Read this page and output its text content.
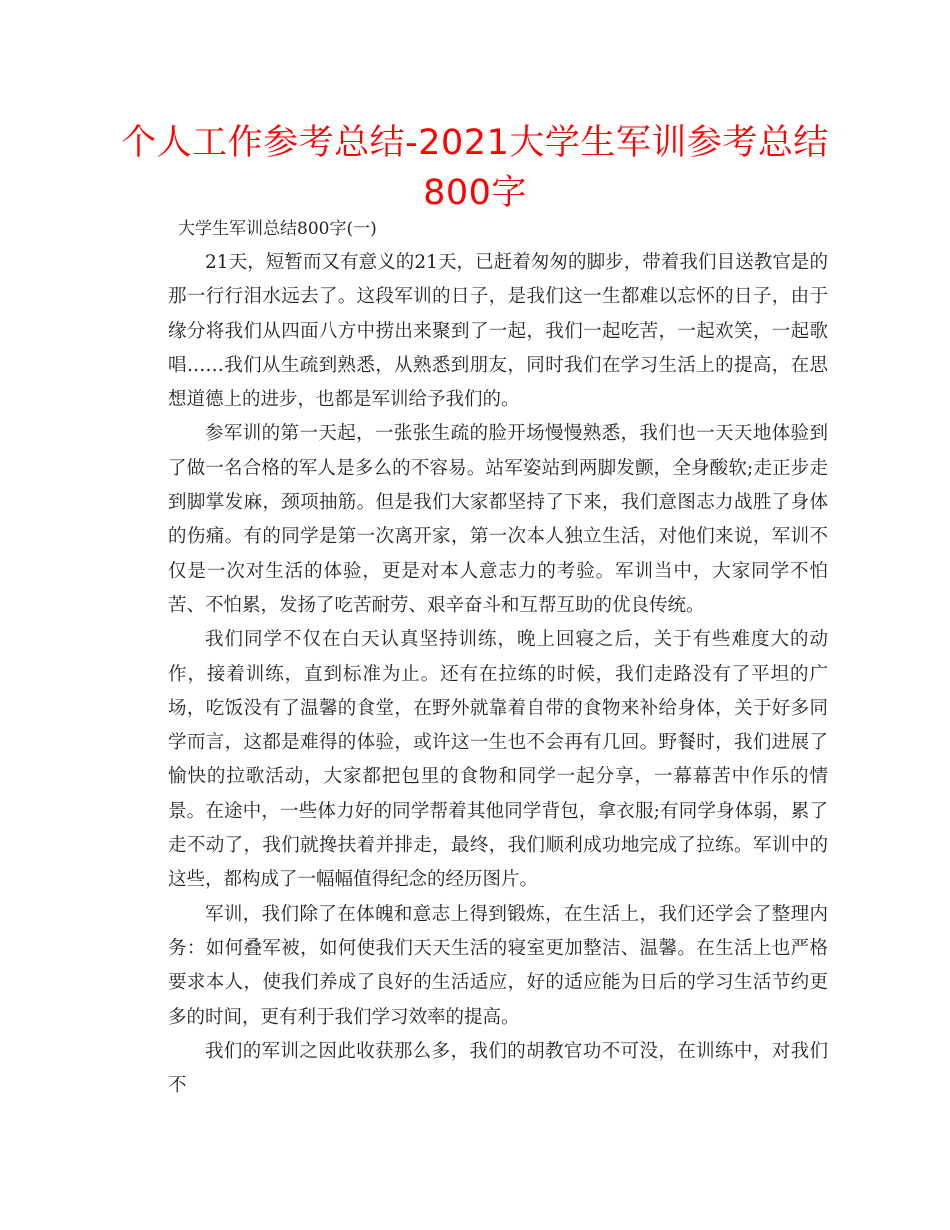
个人工作参考总结-2021大学生军训参考总结
800字

大学生军训总结800字(一)

21天，短暂而又有意义的21天，已赶着匆匆的脚步，带着我们目送教官是的那一行行泪水远去了。这段军训的日子，是我们这一生都难以忘怀的日子，由于缘分将我们从四面八方中捞出来聚到了一起，我们一起吃苦，一起欢笑，一起歌唱……我们从生疏到熟悉，从熟悉到朋友，同时我们在学习生活上的提高，在思想道德上的进步，也都是军训给予我们的。

参军训的第一天起，一张张生疏的脸开场慢慢熟悉，我们也一天天地体验到了做一名合格的军人是多么的不容易。站军姿站到两脚发颤，全身酸软;走正步走到脚掌发麻，颈项抽筋。但是我们大家都坚持了下来，我们意图志力战胜了身体的伤痛。有的同学是第一次离开家，第一次本人独立生活，对他们来说，军训不仅是一次对生活的体验，更是对本人意志力的考验。军训当中，大家同学不怕苦、不怕累，发扬了吃苦耐劳、艰辛奋斗和互帮互助的优良传统。

我们同学不仅在白天认真坚持训练，晚上回寝之后，关于有些难度大的动作，接着训练，直到标准为止。还有在拉练的时候，我们走路没有了平坦的广场，吃饭没有了温馨的食堂，在野外就靠着自带的食物来补给身体，关于好多同学而言，这都是难得的体验，或许这一生也不会再有几回。野餐时，我们进展了愉快的拉歌活动，大家都把包里的食物和同学一起分享，一幕幕苦中作乐的情景。在途中，一些体力好的同学帮着其他同学背包，拿衣服;有同学身体弱，累了走不动了，我们就搀扶着并排走，最终，我们顺利成功地完成了拉练。军训中的这些，都构成了一幅幅值得纪念的经历图片。

军训，我们除了在体魄和意志上得到锻炼，在生活上，我们还学会了整理内务：如何叠军被，如何使我们天天生活的寝室更加整洁、温馨。在生活上也严格要求本人，使我们养成了良好的生活适应，好的适应能为日后的学习生活节约更多的时间，更有利于我们学习效率的提高。

我们的军训之因此收获那么多，我们的胡教官功不可没，在训练中，对我们不
